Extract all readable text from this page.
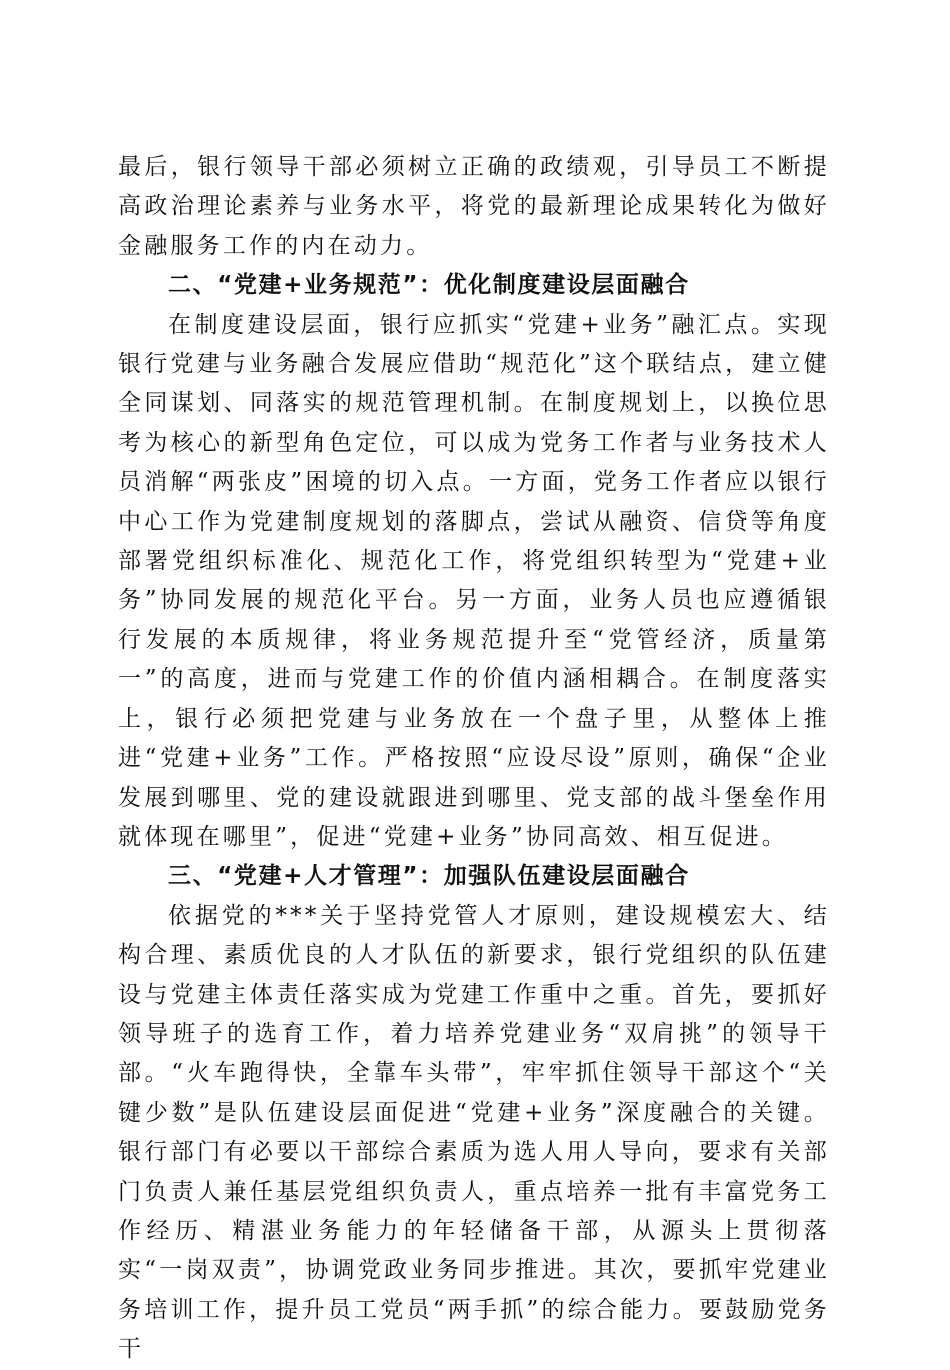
最后，银行领导干部必须树立正确的政绩观，引导员工不断提高政治理论素养与业务水平，将党的最新理论成果转化为做好金融服务工作的内在动力。

二、“党建+业务规范”：优化制度建设层面融合

在制度建设层面，银行应抓实“党建+业务”融汇点。实现银行党建与业务融合发展应借助“规范化”这个联结点，建立健全同谋划、同落实的规范管理机制。在制度规划上，以换位思考为核心的新型角色定位，可以成为党务工作者与业务技术人员消解“两张皮”困境的切入点。一方面，党务工作者应以银行中心工作为党建制度规划的落脚点，尝试从融资、信贷等角度部署党组织标准化、规范化工作，将党组织转型为“党建+业务”协同发展的规范化平台。另一方面，业务人员也应遵循银行发展的本质规律，将业务规范提升至“党管经济，质量第一”的高度，进而与党建工作的价值内涵相耦合。在制度落实上，银行必须把党建与业务放在一个盘子里，从整体上推进“党建+业务”工作。严格按照“应设尽设”原则，确保“企业发展到哪里、党的建设就跟进到哪里、党支部的战斗堡垒作用就体现在哪里”，促进“党建+业务”协同高效、相互促进。

三、“党建+人才管理”：加强队伍建设层面融合

依据党的***关于坚持党管人才原则，建设规模宏大、结构合理、素质优良的人才队伍的新要求，银行党组织的队伍建设与党建主体责任落实成为党建工作重中之重。首先，要抓好领导班子的选育工作，着力培养党建业务“双肩挑”的领导干部。“火车跑得快，全靠车头带”，牢牢抓住领导干部这个“关键少数”是队伍建设层面促进“党建+业务”深度融合的关键。银行部门有必要以干部综合素质为选人用人导向，要求有关部门负责人兼任基层党组织负责人，重点培养一批有丰富党务工作经历、精湛业务能力的年轻储备干部，从源头上贯彻落实“一岗双责”，协调党政业务同步推进。其次，要抓牢党建业务培训工作，提升员工党员“两手抓”的综合能力。要鼓励党务干
